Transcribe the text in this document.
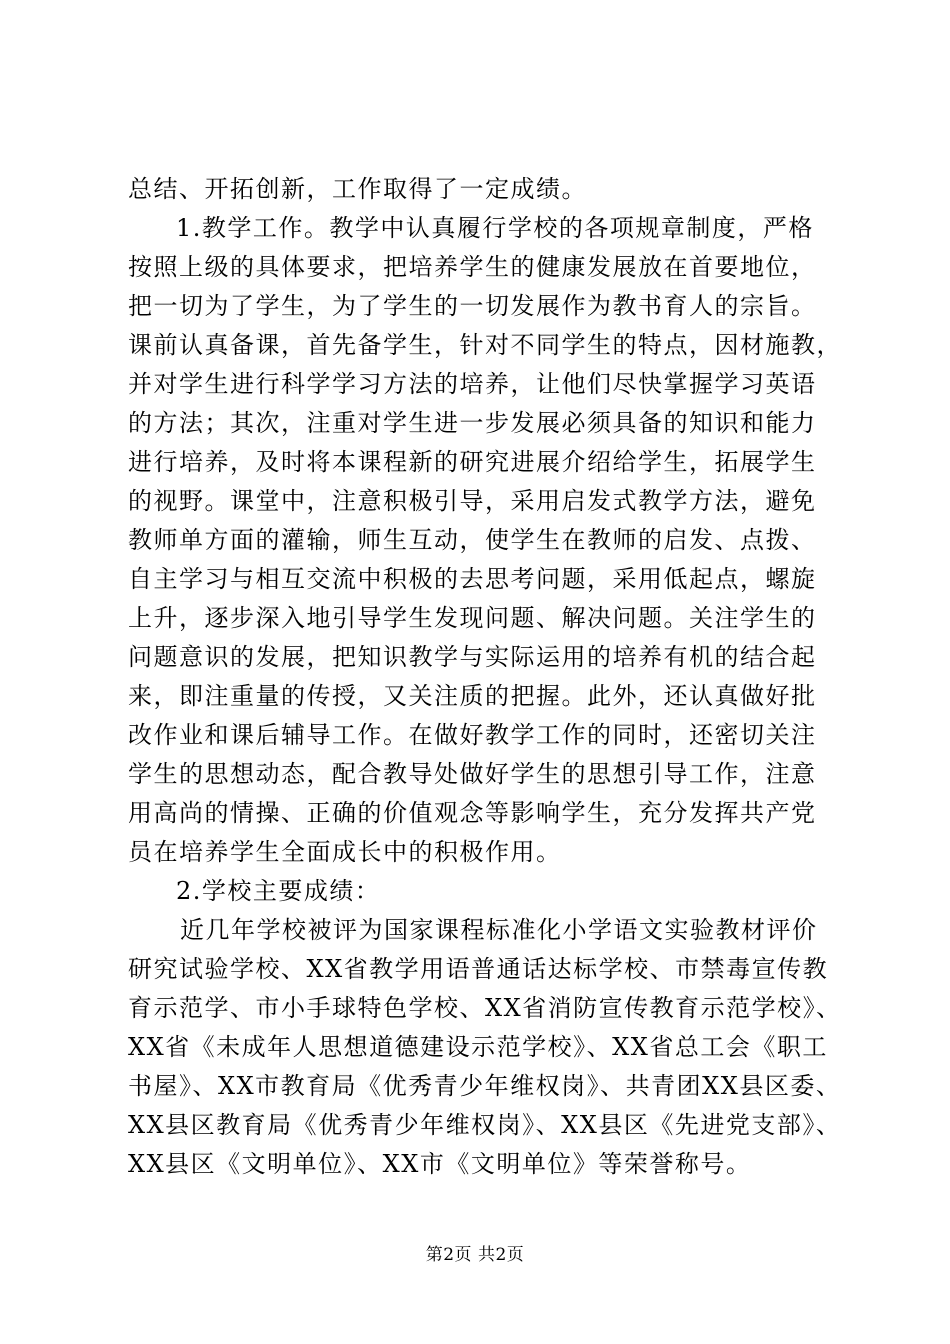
总结、开拓创新，工作取得了一定成绩。
1.教学工作。教学中认真履行学校的各项规章制度，严格
按照上级的具体要求，把培养学生的健康发展放在首要地位，
把一切为了学生，为了学生的一切发展作为教书育人的宗旨。
课前认真备课，首先备学生，针对不同学生的特点，因材施教，
并对学生进行科学学习方法的培养，让他们尽快掌握学习英语
的方法；其次，注重对学生进一步发展必须具备的知识和能力
进行培养，及时将本课程新的研究进展介绍给学生，拓展学生
的视野。课堂中，注意积极引导，采用启发式教学方法，避免
教师单方面的灌输，师生互动，使学生在教师的启发、点拨、
自主学习与相互交流中积极的去思考问题，采用低起点，螺旋
上升，逐步深入地引导学生发现问题、解决问题。关注学生的
问题意识的发展，把知识教学与实际运用的培养有机的结合起
来，即注重量的传授，又关注质的把握。此外，还认真做好批
改作业和课后辅导工作。在做好教学工作的同时，还密切关注
学生的思想动态，配合教导处做好学生的思想引导工作，注意
用高尚的情操、正确的价值观念等影响学生，充分发挥共产党
员在培养学生全面成长中的积极作用。
2.学校主要成绩：
近几年学校被评为国家课程标准化小学语文实验教材评价
研究试验学校、XX省教学用语普通话达标学校、市禁毒宣传教
育示范学、市小手球特色学校、XX省消防宣传教育示范学校》、
XX省《未成年人思想道德建设示范学校》、XX省总工会《职工
书屋》、XX市教育局《优秀青少年维权岗》、共青团XX县区委、
XX县区教育局《优秀青少年维权岗》、XX县区《先进党支部》、
XX县区《文明单位》、XX市《文明单位》等荣誉称号。
第2页 共2页
